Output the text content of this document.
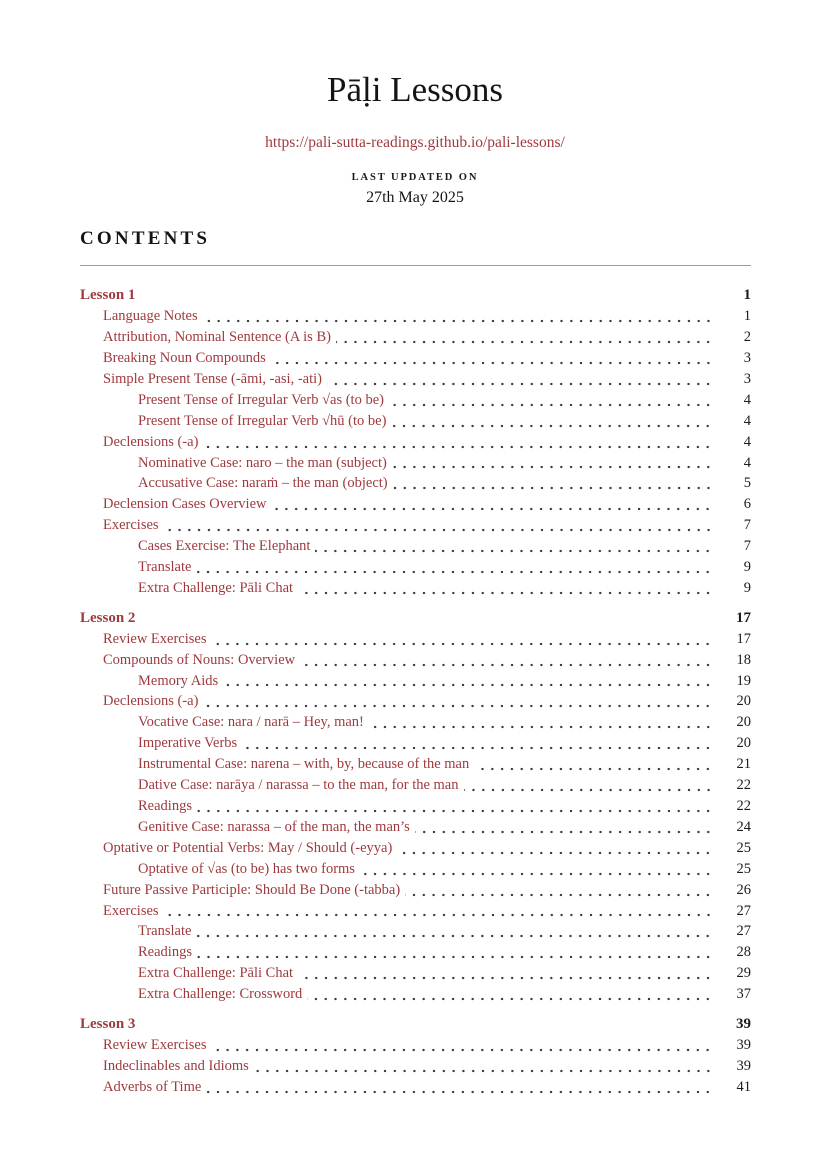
Pāḷi Lessons
https://pali-sutta-readings.github.io/pali-lessons/
LAST UPDATED ON
27th May 2025
CONTENTS
Lesson 1	1
Language Notes	1
Attribution, Nominal Sentence (A is B)	2
Breaking Noun Compounds	3
Simple Present Tense (-āmi, -asi, -ati)	3
Present Tense of Irregular Verb √as (to be)	4
Present Tense of Irregular Verb √hū (to be)	4
Declensions (-a)	4
Nominative Case: naro – the man (subject)	4
Accusative Case: naraṁ – the man (object)	5
Declension Cases Overview	6
Exercises	7
Cases Exercise: The Elephant	7
Translate	9
Extra Challenge: Pāli Chat	9
Lesson 2	17
Review Exercises	17
Compounds of Nouns: Overview	18
Memory Aids	19
Declensions (-a)	20
Vocative Case: nara / narā – Hey, man!	20
Imperative Verbs	20
Instrumental Case: narena – with, by, because of the man	21
Dative Case: narāya / narassa – to the man, for the man	22
Readings	22
Genitive Case: narassa – of the man, the man’s	24
Optative or Potential Verbs: May / Should (-eyya)	25
Optative of √as (to be) has two forms	25
Future Passive Participle: Should Be Done (-tabba)	26
Exercises	27
Translate	27
Readings	28
Extra Challenge: Pāli Chat	29
Extra Challenge: Crossword	37
Lesson 3	39
Review Exercises	39
Indeclinables and Idioms	39
Adverbs of Time	41
